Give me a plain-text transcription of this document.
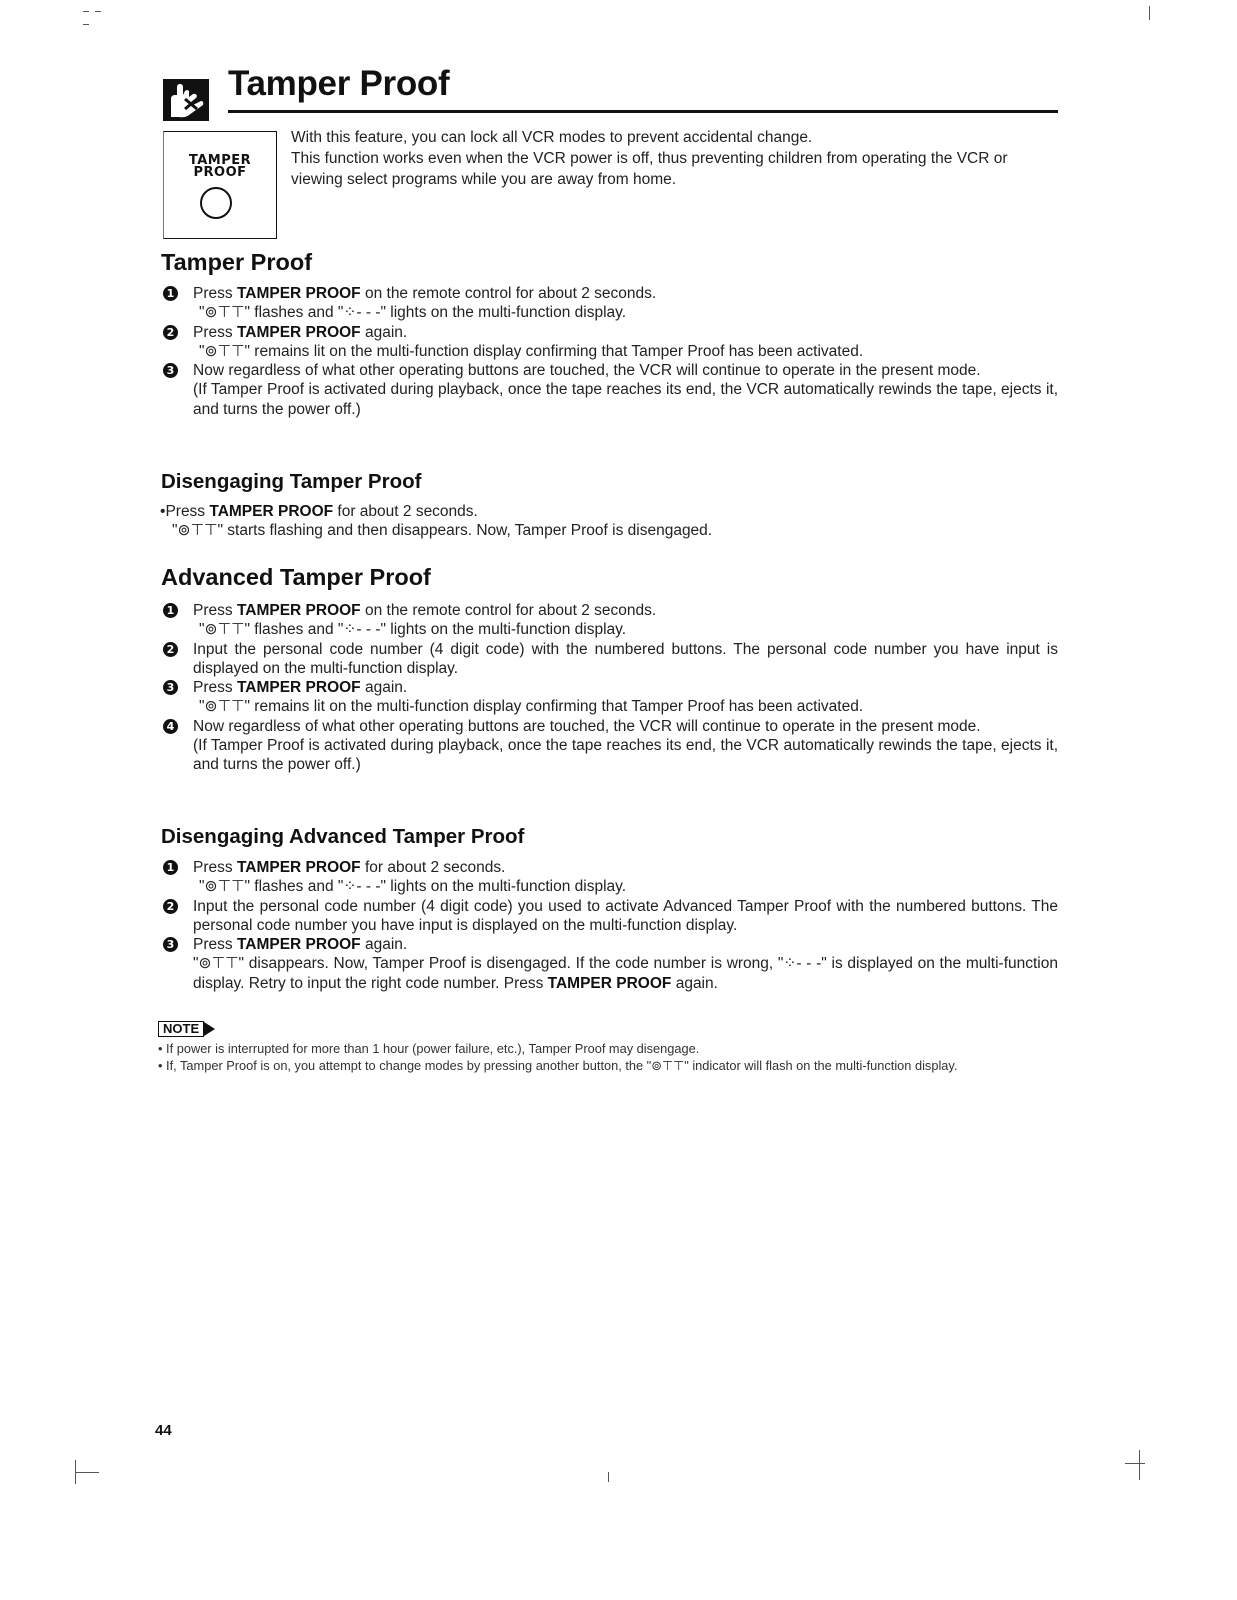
Tamper Proof
TAMPER
PROOF

With this feature, you can lock all VCR modes to prevent accidental change.

This function works even when the VCR power is off, thus preventing children from operating the VCR or viewing select programs while you are away from home.

Tamper Proof
1 Press TAMPER PROOF on the remote control for about 2 seconds.
"⊚⊤⊤" flashes and "⁘- - -" lights on the multi-function display.
2 Press TAMPER PROOF again.
"⊚⊤⊤" remains lit on the multi-function display confirming that Tamper Proof has been activated.
3 Now regardless of what other operating buttons are touched, the VCR will continue to operate in the present mode.
(If Tamper Proof is activated during playback, once the tape reaches its end, the VCR automatically rewinds the tape, ejects it, and turns the power off.)
Disengaging Tamper Proof
•Press TAMPER PROOF for about 2 seconds.
"⊚⊤⊤" starts flashing and then disappears. Now, Tamper Proof is disengaged.
Advanced Tamper Proof
1 Press TAMPER PROOF on the remote control for about 2 seconds.
"⊚⊤⊤" flashes and "⁘- - -" lights on the multi-function display.
2 Input the personal code number (4 digit code) with the numbered buttons. The personal code number you have input is displayed on the multi-function display.
3 Press TAMPER PROOF again.
"⊚⊤⊤" remains lit on the multi-function display confirming that Tamper Proof has been activated.
4 Now regardless of what other operating buttons are touched, the VCR will continue to operate in the present mode.
(If Tamper Proof is activated during playback, once the tape reaches its end, the VCR automatically rewinds the tape, ejects it, and turns the power off.)
Disengaging Advanced Tamper Proof
1 Press TAMPER PROOF for about 2 seconds.
"⊚⊤⊤" flashes and "⁘- - -" lights on the multi-function display.
2 Input the personal code number (4 digit code) you used to activate Advanced Tamper Proof with the numbered buttons. The personal code number you have input is displayed on the multi-function display.
3 Press TAMPER PROOF again.
"⊚⊤⊤" disappears. Now, Tamper Proof is disengaged. If the code number is wrong, "⁘- - -" is displayed on the multi-function display. Retry to input the right code number. Press TAMPER PROOF again.
NOTE
• If power is interrupted for more than 1 hour (power failure, etc.), Tamper Proof may disengage.
• If, Tamper Proof is on, you attempt to change modes by pressing another button, the "⊚⊤⊤" indicator will flash on the multi-function display.
44
